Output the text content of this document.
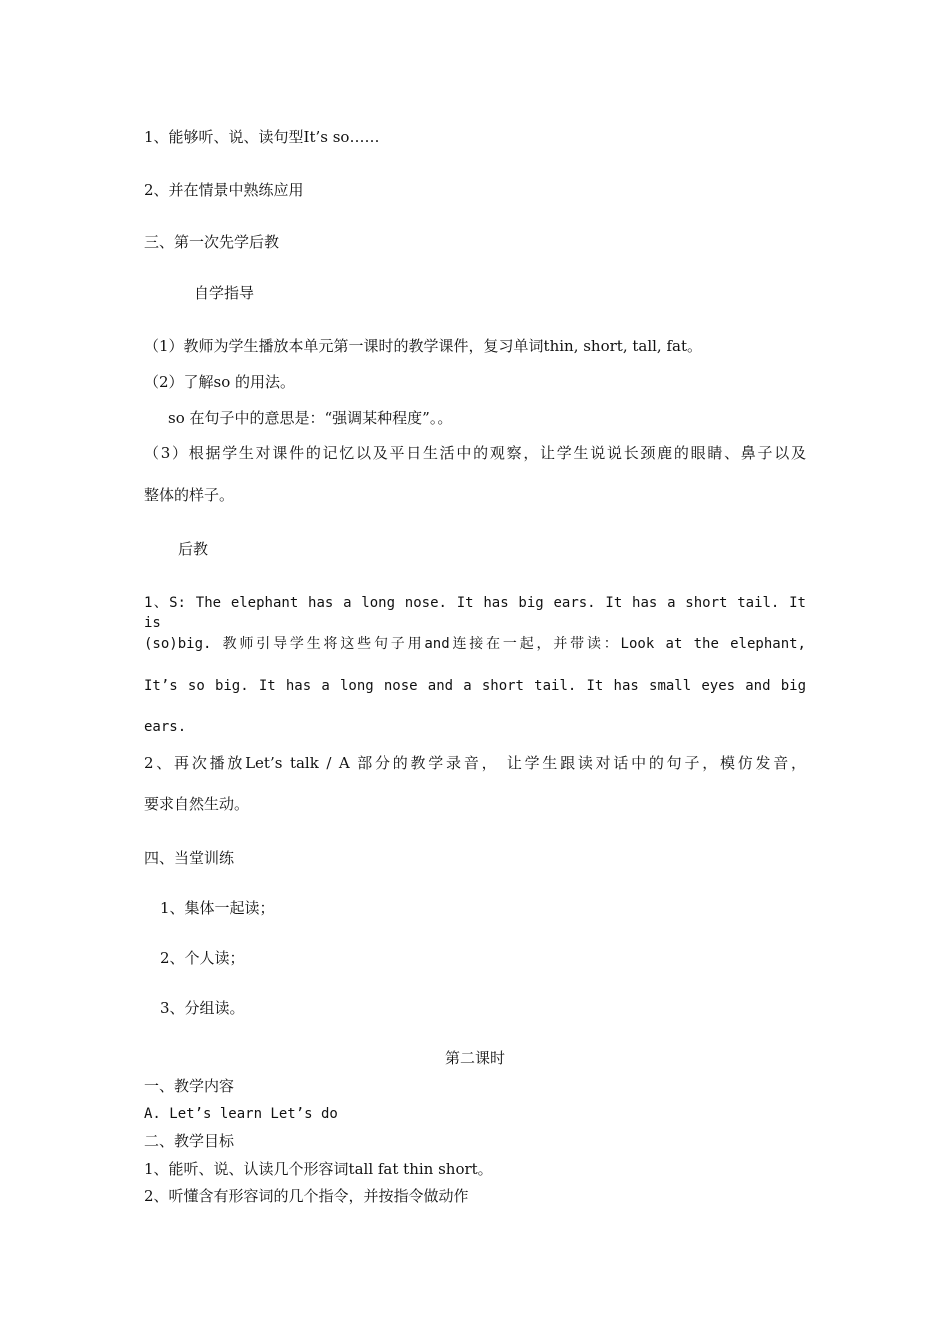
1、能够听、说、读句型It’s so……
2、并在情景中熟练应用
三、第一次先学后教
自学指导
（1）教师为学生播放本单元第一课时的教学课件，复习单词thin, short, tall, fat。
（2）了解so 的用法。
so 在句子中的意思是：“强调某种程度”。。
（3）根据学生对课件的记忆以及平日生活中的观察，让学生说说长颈鹿的眼睛、鼻子以及
整体的样子。
后教
1、S: The elephant has a long nose. It has big ears. It has a short tail. It is
(so)big. 教师引导学生将这些句子用and连接在一起，并带读：Look at the elephant,
It’s so big. It has a long nose and a short tail. It has small eyes and big
ears.
2、再次播放Let’s talk / A 部分的教学录音， 让学生跟读对话中的句子，模仿发音，
要求自然生动。
四、当堂训练
1、集体一起读；
2、个人读；
3、分组读。
第二课时
一、教学内容
A. Let’s learn Let’s do
二、教学目标
1、能听、说、认读几个形容词tall fat thin short。
2、听懂含有形容词的几个指令，并按指令做动作
